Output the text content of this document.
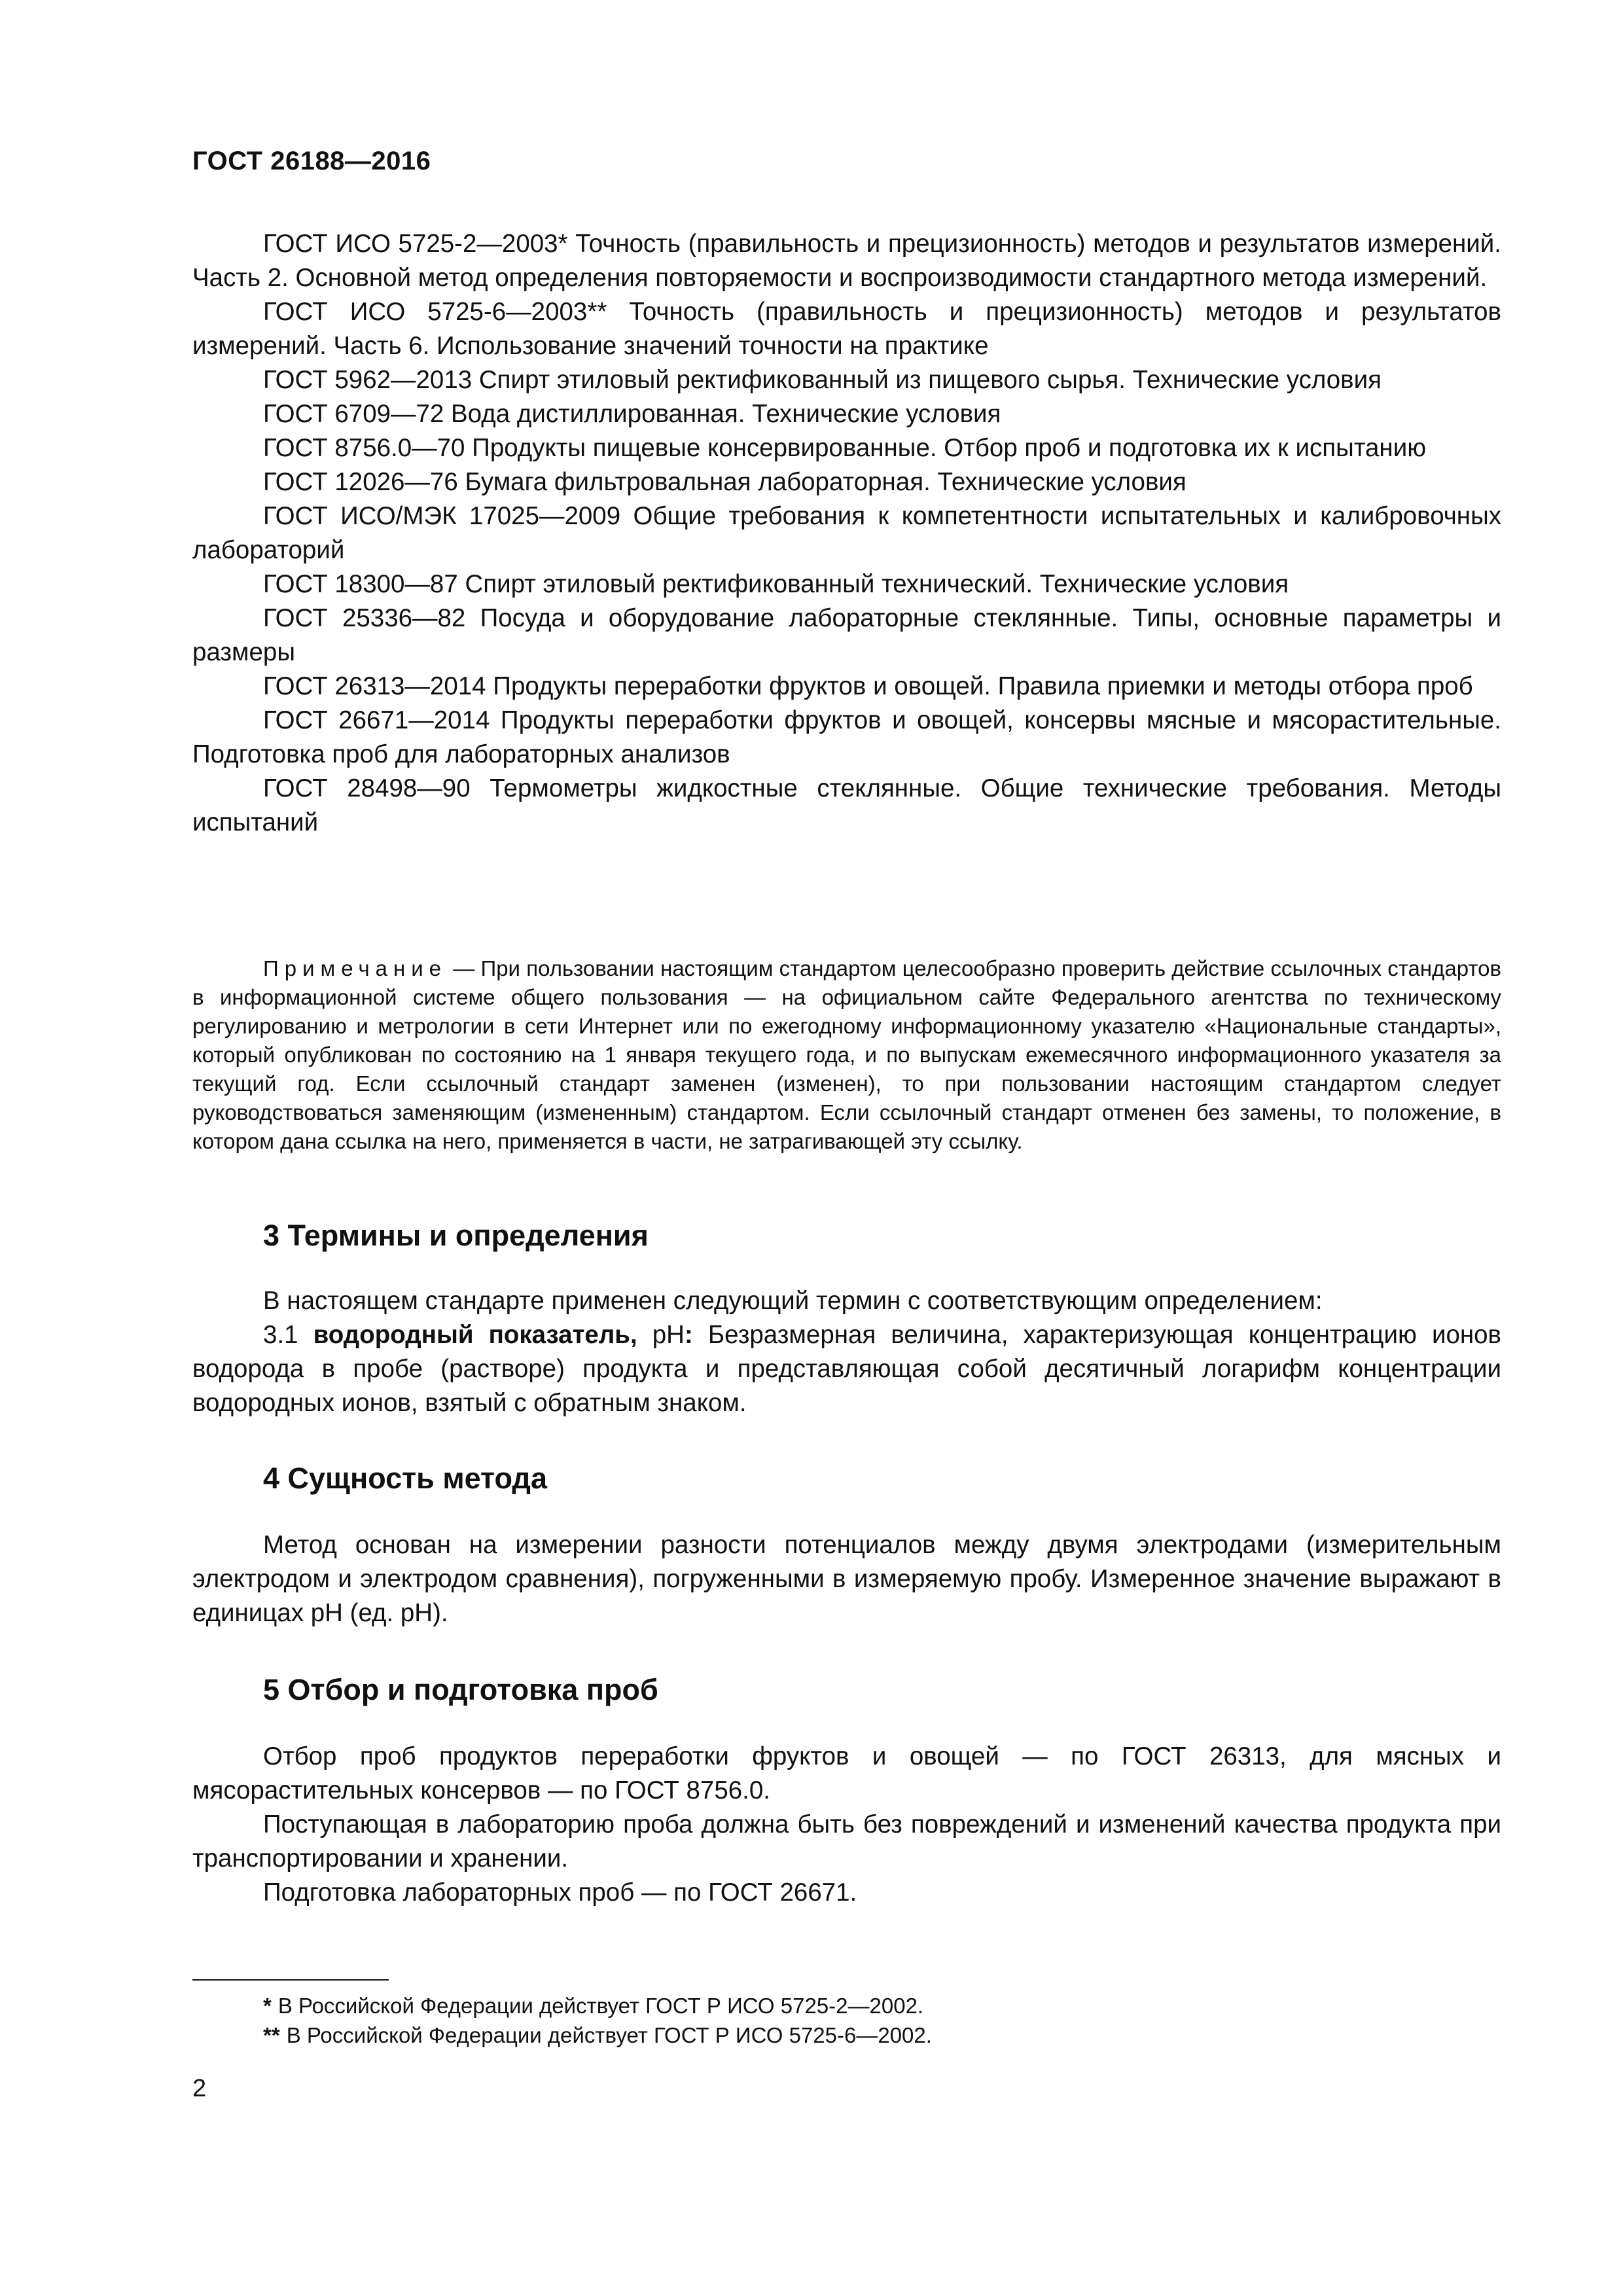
ГОСТ 26188—2016

ГОСТ ИСО 5725-2—2003* Точность (правильность и прецизионность) методов и результатов измерений. Часть 2. Основной метод определения повторяемости и воспроизводимости стандартного метода измерений.

ГОСТ ИСО 5725-6—2003** Точность (правильность и прецизионность) методов и результатов измерений. Часть 6. Использование значений точности на практике

ГОСТ 5962—2013 Спирт этиловый ректификованный из пищевого сырья. Технические условия

ГОСТ 6709—72 Вода дистиллированная. Технические условия

ГОСТ 8756.0—70 Продукты пищевые консервированные. Отбор проб и подготовка их к испытанию

ГОСТ 12026—76 Бумага фильтровальная лабораторная. Технические условия

ГОСТ ИСО/МЭК 17025—2009 Общие требования к компетентности испытательных и калибровочных лабораторий

ГОСТ 18300—87 Спирт этиловый ректификованный технический. Технические условия

ГОСТ 25336—82 Посуда и оборудование лабораторные стеклянные. Типы, основные параметры и размеры

ГОСТ 26313—2014 Продукты переработки фруктов и овощей. Правила приемки и методы отбора проб

ГОСТ 26671—2014 Продукты переработки фруктов и овощей, консервы мясные и мясорастительные. Подготовка проб для лабораторных анализов

ГОСТ 28498—90 Термометры жидкостные стеклянные. Общие технические требования. Методы испытаний

Примечание — При пользовании настоящим стандартом целесообразно проверить действие ссылочных стандартов в информационной системе общего пользования — на официальном сайте Федерального агентства по техническому регулированию и метрологии в сети Интернет или по ежегодному информационному указателю «Национальные стандарты», который опубликован по состоянию на 1 января текущего года, и по выпускам ежемесячного информационного указателя за текущий год. Если ссылочный стандарт заменен (изменен), то при пользовании настоящим стандартом следует руководствоваться заменяющим (измененным) стандартом. Если ссылочный стандарт отменен без замены, то положение, в котором дана ссылка на него, применяется в части, не затрагивающей эту ссылку.

3 Термины и определения

В настоящем стандарте применен следующий термин с соответствующим определением:

3.1 водородный показатель, pH: Безразмерная величина, характеризующая концентрацию ионов водорода в пробе (растворе) продукта и представляющая собой десятичный логарифм концентрации водородных ионов, взятый с обратным знаком.

4 Сущность метода

Метод основан на измерении разности потенциалов между двумя электродами (измерительным электродом и электродом сравнения), погруженными в измеряемую пробу. Измеренное значение выражают в единицах pH (ед. pH).

5 Отбор и подготовка проб

Отбор проб продуктов переработки фруктов и овощей — по ГОСТ 26313, для мясных и мясорастительных консервов — по ГОСТ 8756.0.

Поступающая в лабораторию проба должна быть без повреждений и изменений качества продукта при транспортировании и хранении.

Подготовка лабораторных проб — по ГОСТ 26671.

* В Российской Федерации действует ГОСТ Р ИСО 5725-2—2002.

** В Российской Федерации действует ГОСТ Р ИСО 5725-6—2002.

2
